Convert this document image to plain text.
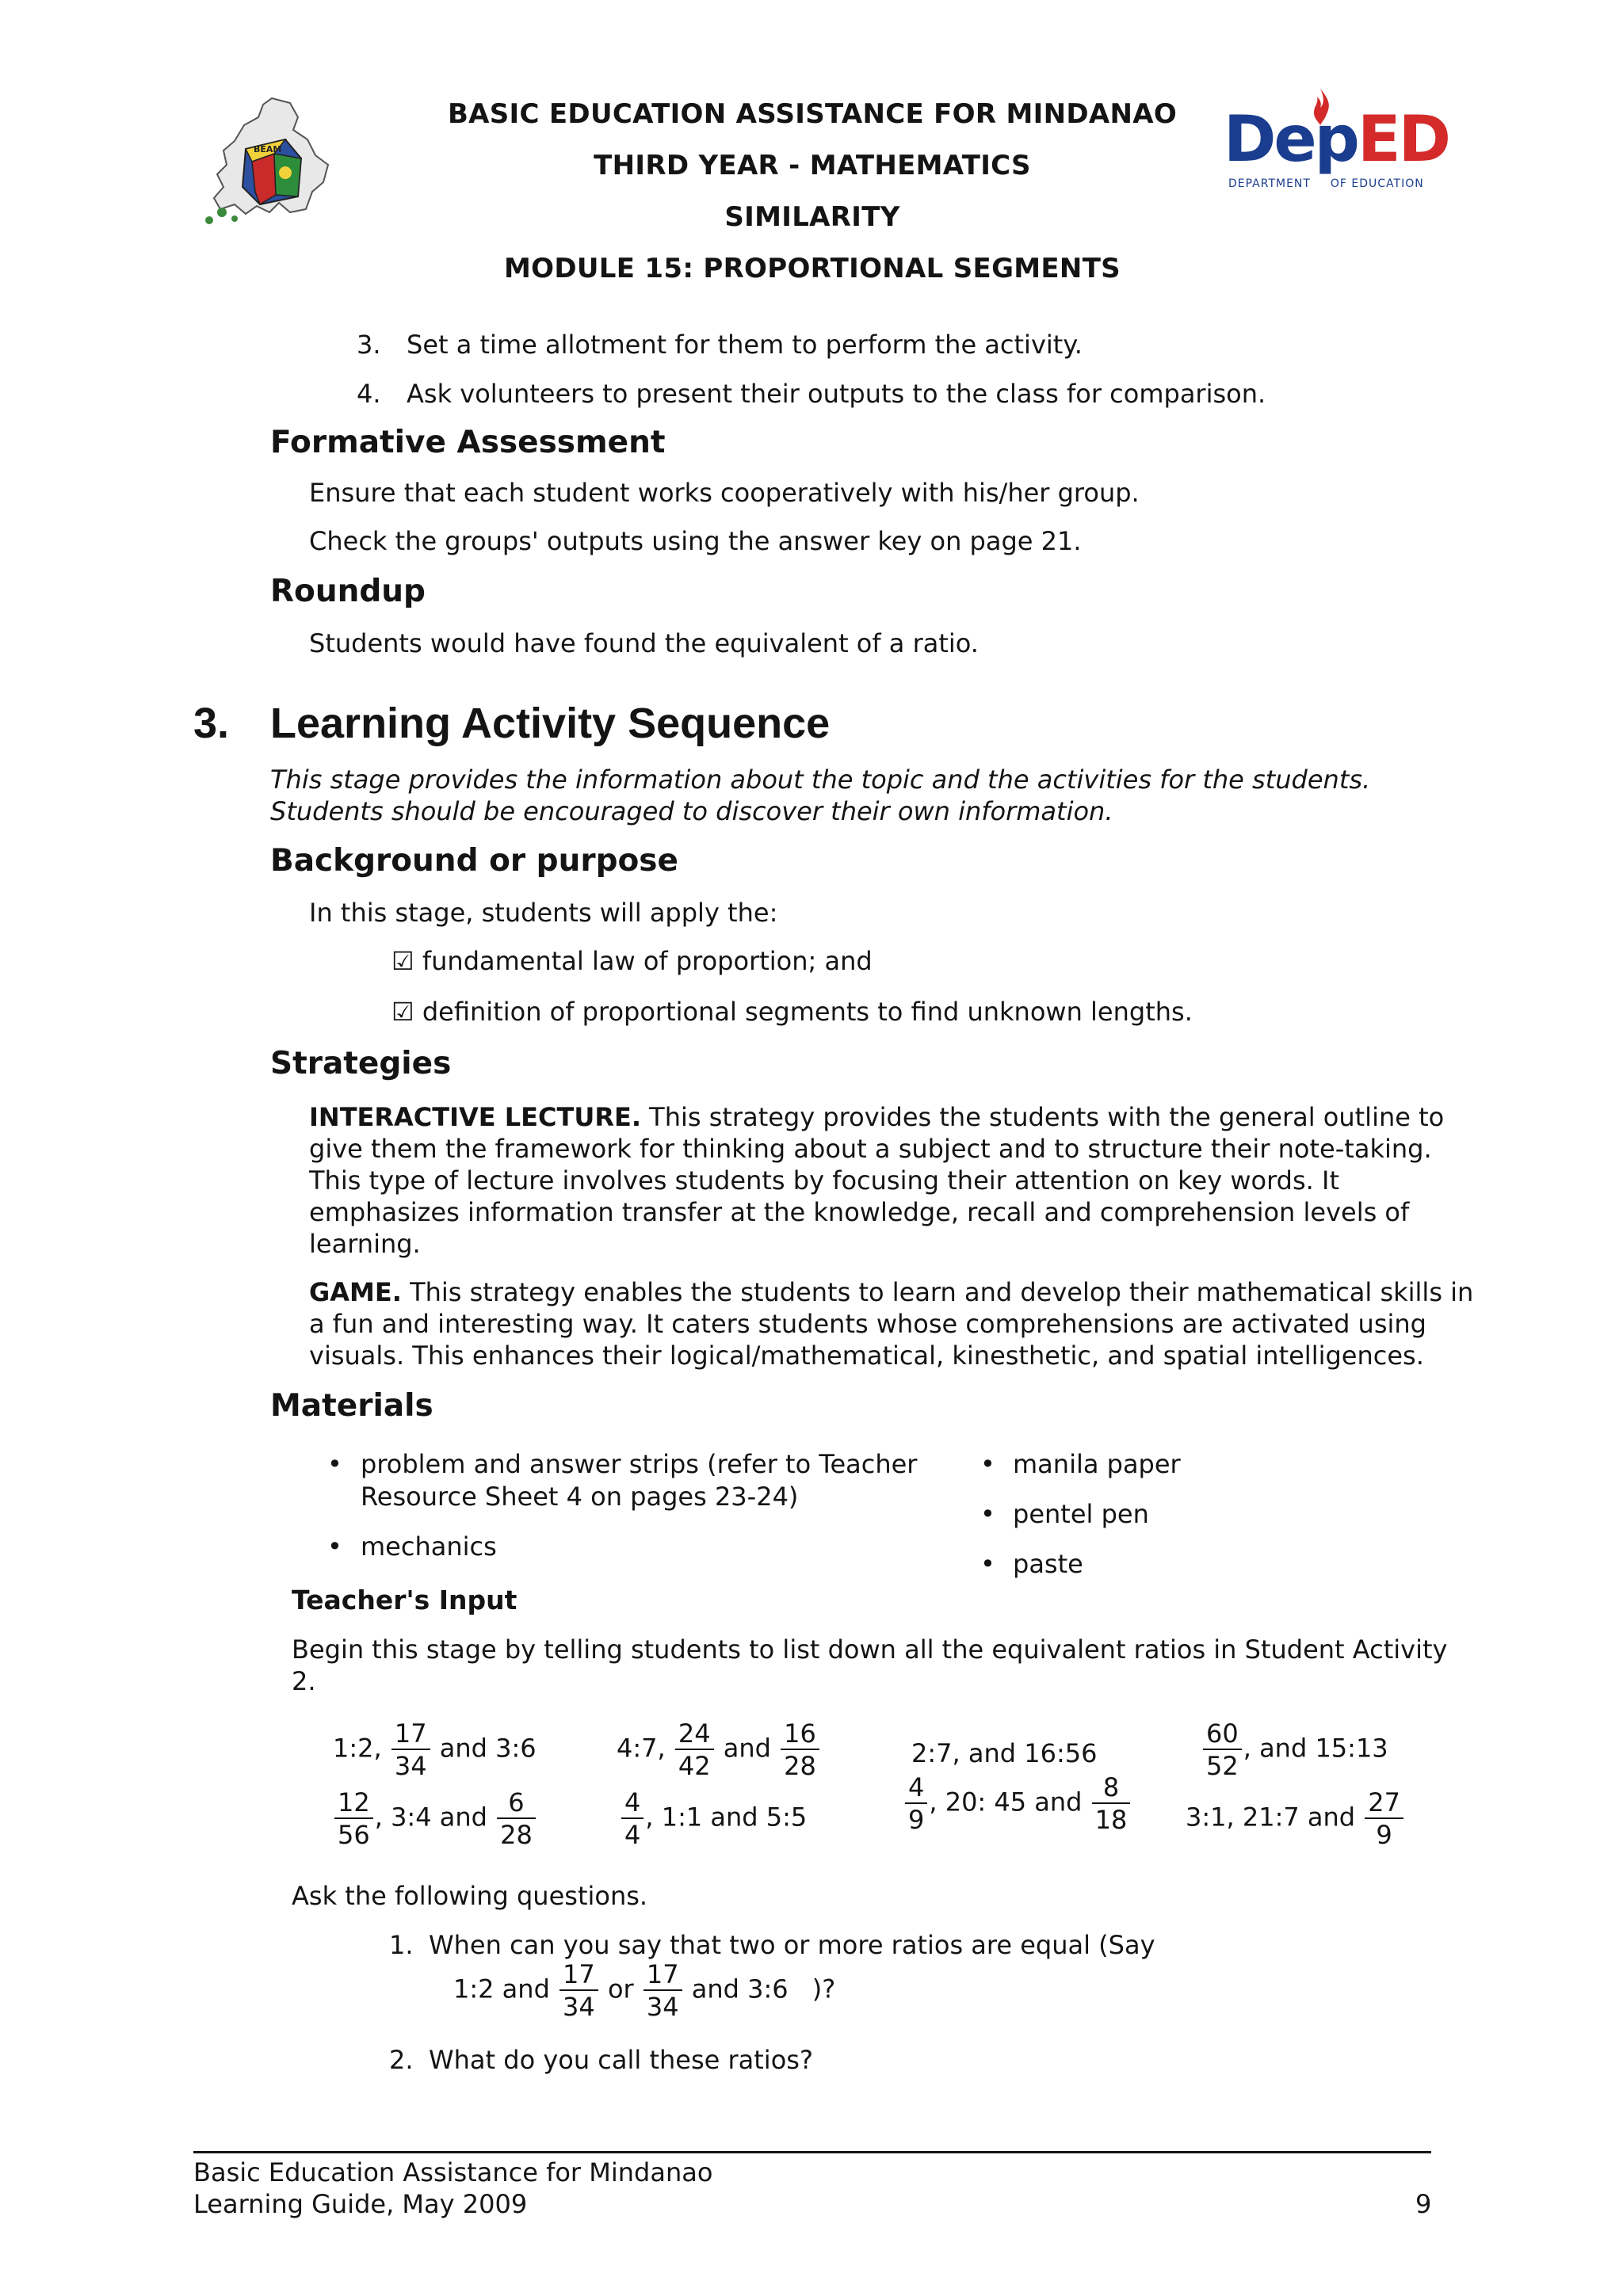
BEAM	DepED
DEPARTMENT OF EDUCATION
BASIC EDUCATION ASSISTANCE FOR MINDANAO
THIRD YEAR - MATHEMATICS
SIMILARITY
MODULE 15: PROPORTIONAL SEGMENTS
3. Set a time allotment for them to perform the activity.
4. Ask volunteers to present their outputs to the class for comparison.
Formative Assessment
Ensure that each student works cooperatively with his/her group.
Check the groups' outputs using the answer key on page 21.
Roundup
Students would have found the equivalent of a ratio.
3. Learning Activity Sequence
This stage provides the information about the topic and the activities for the students.
Students should be encouraged to discover their own information.
Background or purpose
In this stage, students will apply the:
☑ fundamental law of proportion; and
☑ definition of proportional segments to find unknown lengths.
Strategies
INTERACTIVE LECTURE. This strategy provides the students with the general outline to
give them the framework for thinking about a subject and to structure their note-taking.
This type of lecture involves students by focusing their attention on key words. It
emphasizes information transfer at the knowledge, recall and comprehension levels of
learning.
GAME. This strategy enables the students to learn and develop their mathematical skills in
a fun and interesting way. It caters students whose comprehensions are activated using
visuals. This enhances their logical/mathematical, kinesthetic, and spatial intelligences.
Materials
• problem and answer strips (refer to Teacher
Resource Sheet 4 on pages 23-24)
• mechanics
• manila paper
• pentel pen
• paste
Teacher's Input
Begin this stage by telling students to list down all the equivalent ratios in Student Activity
2.
1:2, $\frac{17}{34}$ and 3:6
$\frac{12}{56}$ , 3:4 and $\frac{6}{28}$
4:7, $\frac{24}{42}$ and $\frac{16}{28}$
$\frac{4}{4}$ , 1:1 and 5:5
2:7, and 16:56
$\frac{4}{9}$ , 20: 45 and $\frac{8}{18}$
$\frac{60}{52}$ , and 15:13
3:1, 21:7 and $\frac{27}{9}$
Ask the following questions.
1. When can you say that two or more ratios are equal (Say
1:2 and $\frac{17}{34}$ or $\frac{17}{34}$ and 3:6 )?
2. What do you call these ratios?
Basic Education Assistance for Mindanao
Learning Guide, May 2009	9
